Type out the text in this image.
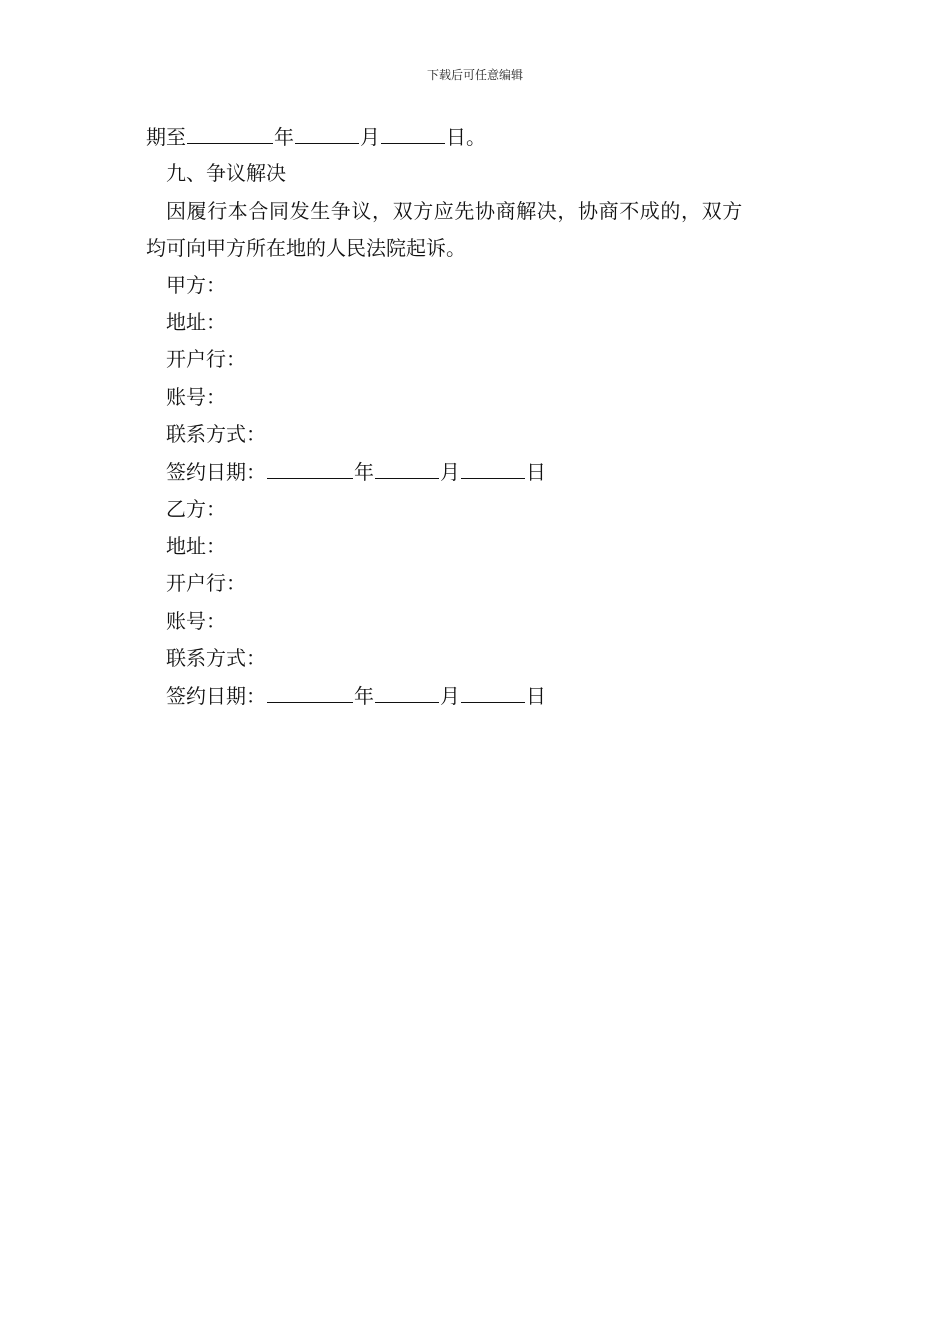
下载后可任意编辑
期至	年	月	日。
九、争议解决
因履行本合同发生争议，双方应先协商解决，协商不成的，双方
均可向甲方所在地的人民法院起诉。
甲方：
地址：
开户行：
账号：
联系方式：
签约日期：	年	月	日
乙方：
地址：
开户行：
账号：
联系方式：
签约日期：	年	月	日
